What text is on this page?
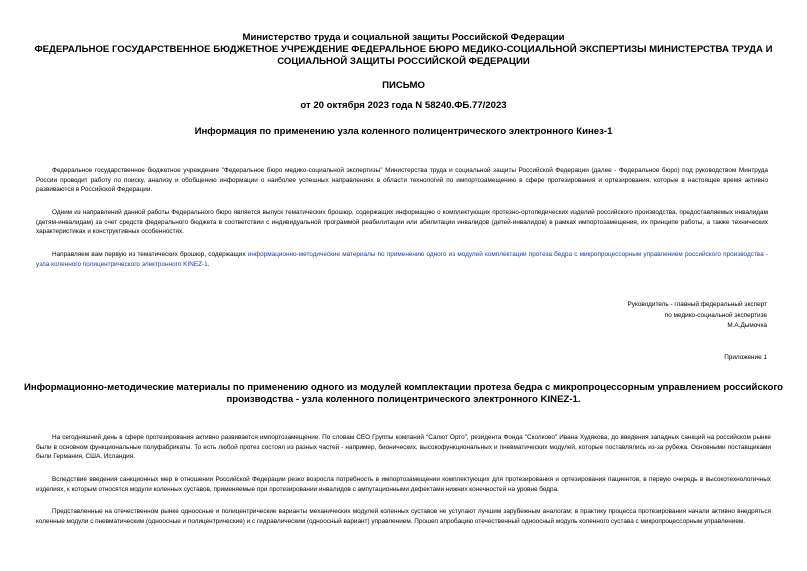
Министерство труда и социальной защиты Российской Федерации
ФЕДЕРАЛЬНОЕ ГОСУДАРСТВЕННОЕ БЮДЖЕТНОЕ УЧРЕЖДЕНИЕ ФЕДЕРАЛЬНОЕ БЮРО МЕДИКО-СОЦИАЛЬНОЙ ЭКСПЕРТИЗЫ МИНИСТЕРСТВА ТРУДА И
СОЦИАЛЬНОЙ ЗАЩИТЫ РОССИЙСКОЙ ФЕДЕРАЦИИ
ПИСЬМО
от 20 октября 2023 года N 58240.ФБ.77/2023
Информация по применению узла коленного полицентрического электронного Кинез-1
Федеральное государственное бюджетное учреждение "Федеральное бюро медико-социальной экспертизы" Министерства труда и социальной защиты Российской Федерации (далее - Федеральное бюро) под руководством Минтруда России проводит работу по поиску, анализу и обобщению информации о наиболее успешных направлениях в области технологий по импортозамещению в сфере протезирования и ортезирования, которые в настоящее время активно развиваются в Российской Федерации.
Одним из направлений данной работы Федерального бюро является выпуск тематических брошюр, содержащих информацию о комплектующих протезно-ортопедических изделий российского производства, предоставляемых инвалидам (детям-инвалидам) за счет средств федерального бюджета в соответствии с индивидуальной программой реабилитации или абилитации инвалидов (детей-инвалидов) в рамках импортозамещения, их принципе работы, а также технических характеристиках и конструктивных особенностях.
Направляем вам первую из тематических брошюр, содержащих информационно-методические материалы по применению одного из модулей комплектации протеза бедра с микропроцессорным управлением российского производства - узла коленного полицентрического электронного KINEZ-1.
Руководитель - главный федеральный эксперт
по медико-социальной экспертизе
М.А.Дымочка
Приложение 1
Информационно-методические материалы по применению одного из модулей комплектации протеза бедра с микропроцессорным управлением российского
производства - узла коленного полицентрического электронного KINEZ-1.
На сегодняшний день в сфере протезирования активно развивается импортозамещение. По словам CEO Группы компаний "Салют Орто", резидента Фонда "Сколково" Ивана Худякова, до введения западных санкций на российском рынке были в основном функциональные полуфабрикаты. То есть любой протез состоял из разных частей - например, бионических, высокофункциональных и пневматических модулей, которые поставлялись из-за рубежа. Основными поставщиками были Германия, США, Исландия.
Вследствие введения санкционных мер в отношении Российской Федерации резко возросла потребность в импортозамещении комплектующих для протезирования и ортезирования пациентов, в первую очередь в высокотехнологичных изделиях, к которым относятся модули коленных суставов, применяемые при протезировании инвалидов с ампутационными дефектами нижних конечностей на уровне бедра.
Представленные на отечественном рынке одноосные и полицентрические варианты механических модулей коленных суставов не уступают лучшим зарубежным аналогам; в практику процесса протезирования начали активно внедряться коленные модули с пневматическим (одноосные и полицентрические) и с гидравлическим (одноосный вариант) управлением. Прошел апробацию отечественный одноосный модуль коленного сустава с микропроцессорным управлением.
